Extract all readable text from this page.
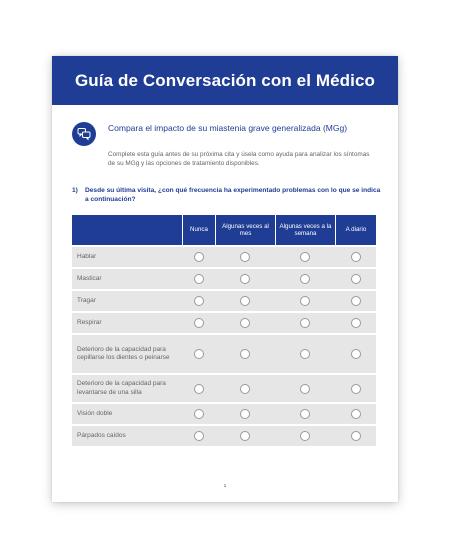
Guía de Conversación con el Médico
Compara el impacto de su miastenia grave generalizada (MGg)
Complete esta guía antes de su próxima cita y úsela como ayuda para analizar los síntomas de su MGg y las opciones de tratamiento disponibles.
1)	Desde su última visita, ¿con qué frecuencia ha experimentado problemas con lo que se indica a continuación?
Nunca
Algunas veces al mes
Algunas veces a la semana
A diario
Hablar
Masticar
Tragar
Respirar
Deterioro de la capacidad para cepillarse los dientes o peinarse
Deterioro de la capacidad para levantarse de una silla
Visión doble
Párpados caídos
1
